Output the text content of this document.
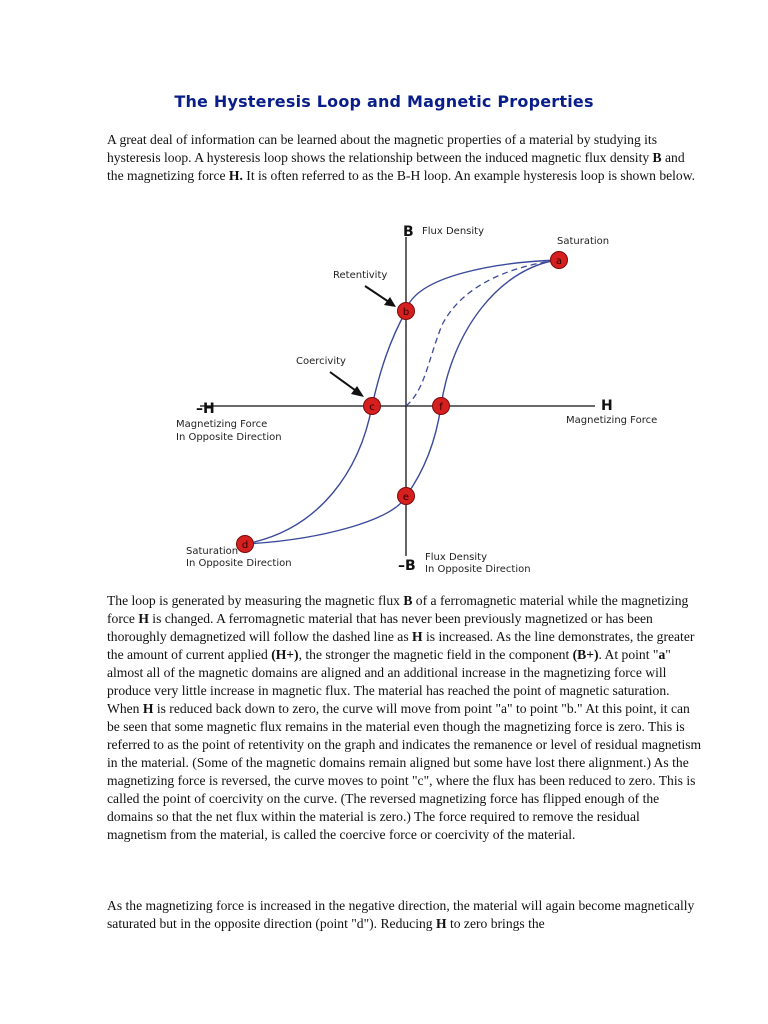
The Hysteresis Loop and Magnetic Properties

A great deal of information can be learned about the magnetic properties of a material by studying its hysteresis loop. A hysteresis loop shows the relationship between the induced magnetic flux density B and the magnetizing force H. It is often referred to as the B-H loop. An example hysteresis loop is shown below.

a
b
c
d
e
f
B Flux Density
–B
Flux Density
In Opposite Direction
H
Magnetizing Force
–H
Magnetizing Force
In Opposite Direction
Saturation
Saturation
In Opposite Direction
Retentivity
Coercivity

The loop is generated by measuring the magnetic flux B of a ferromagnetic material while the magnetizing force H is changed. A ferromagnetic material that has never been previously magnetized or has been thoroughly demagnetized will follow the dashed line as H is increased. As the line demonstrates, the greater the amount of current applied (H+), the stronger the magnetic field in the component (B+). At point "a" almost all of the magnetic domains are aligned and an additional increase in the magnetizing force will produce very little increase in magnetic flux. The material has reached the point of magnetic saturation. When H is reduced back down to zero, the curve will move from point "a" to point "b." At this point, it can be seen that some magnetic flux remains in the material even though the magnetizing force is zero. This is referred to as the point of retentivity on the graph and indicates the remanence or level of residual magnetism in the material. (Some of the magnetic domains remain aligned but some have lost there alignment.) As the magnetizing force is reversed, the curve moves to point "c", where the flux has been reduced to zero. This is called the point of coercivity on the curve. (The reversed magnetizing force has flipped enough of the domains so that the net flux within the material is zero.) The force required to remove the residual magnetism from the material, is called the coercive force or coercivity of the material.

As the magnetizing force is increased in the negative direction, the material will again become magnetically saturated but in the opposite direction (point "d"). Reducing H to zero brings the
